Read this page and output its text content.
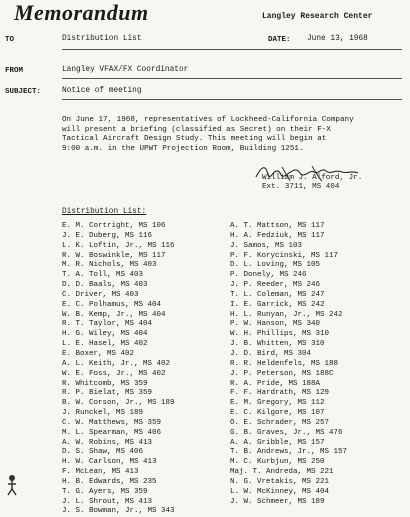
Memorandum	Langley Research Center
TO	Distribution List	DATE: June 13, 1968
FROM	Langley VFAX/FX Coordinator
SUBJECT:	Notice of meeting
On June 17, 1968, representatives of Lockheed-California Company
will present a briefing (classified as Secret) on their F-X
Tactical Aircraft Design Study. This meeting will begin at
9:00 a.m. in the UPWT Projection Room, Building 1251.
William J. Alford, Jr.
Ext. 3711, MS 404
Distribution List:
E. M. Cortright, MS 106
J. E. Duberg, MS 116
L. K. Loftin, Jr., MS 116
R. W. Boswinkle, MS 117
M. R. Nichols, MS 403
T. A. Toll, MS 403
D. D. Baals, MS 403
C. Driver, MS 403
E. C. Polhamus, MS 404
W. B. Kemp, Jr., MS 404
R. T. Taylor, MS 404
H. G. Wiley, MS 404
L. E. Hasel, MS 402
E. Boxer, MS 402
A. L. Keith, Jr., MS 402
W. E. Foss, Jr., MS 402
R. Whitcomb, MS 359
R. P. Bielat, MS 359
B. W. Corson, Jr., MS 189
J. Runckel, MS 189
C. W. Matthews, MS 359
M. L. Spearman, MS 406
A. W. Robins, MS 413
D. S. Shaw, MS 406
H. W. Carlson, MS 413
F. McLean, MS 413
H. B. Edwards, MS 235
T. G. Ayers, MS 359
J. L. Shrout, MS 413
J. S. Bowman, Jr., MS 343
A. T. Mattson, MS 117
H. A. Fedziuk, MS 117
J. Samos, MS 103
P. F. Korycinski, MS 117
D. L. Loving, MS 105
P. Donely, MS 246
J. P. Reeder, MS 246
T. L. Coleman, MS 247
I. E. Garrick, MS 242
H. L. Runyan, Jr., MS 242
P. W. Hanson, MS 340
W. H. Phillips, MS 310
J. B. Whitten, MS 310
J. D. Bird, MS 304
R. R. Heldenfels, MS 188
J. P. Peterson, MS 188C
R. A. Pride, MS 188A
F. F. Hardrath, MS 129
E. M. Gregory, MS 112
E. C. Kilgore, MS 107
O. E. Schrader, MS 257
G. B. Graves, Jr., MS 476
A. A. Gribble, MS 157
T. B. Andrews, Jr., MS 157
M. C. Kurbjun, MS 250
Maj. T. Andreda, MS 221
N. G. Vretakis, MS 221
L. W. McKinney, MS 404
J. W. Schmeer, MS 189
